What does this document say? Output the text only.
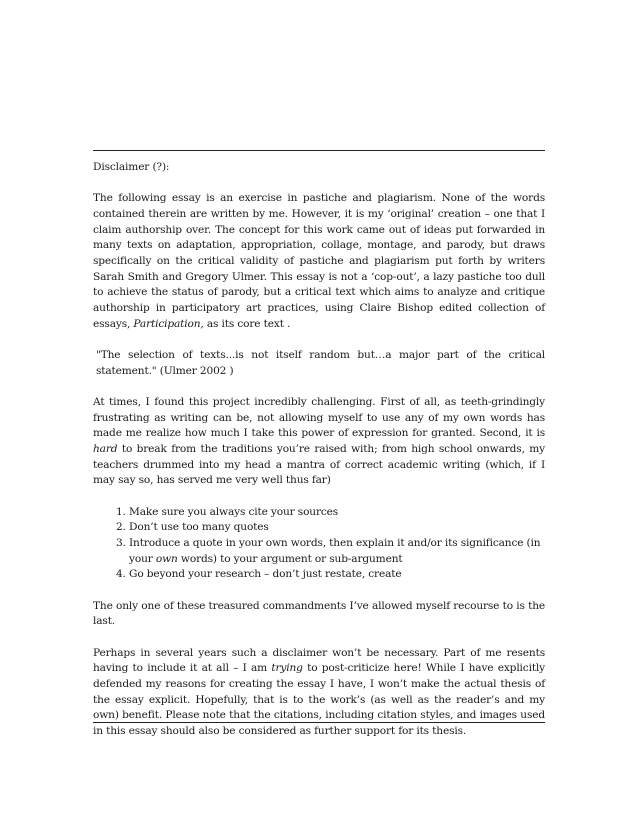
Disclaimer (?):

The following essay is an exercise in pastiche and plagiarism. None of the words contained therein are written by me. However, it is my ‘original’ creation – one that I claim authorship over. The concept for this work came out of ideas put forwarded in many texts on adaptation, appropriation, collage, montage, and parody, but draws specifically on the critical validity of pastiche and plagiarism put forth by writers Sarah Smith and Gregory Ulmer. This essay is not a ‘cop-out’, a lazy pastiche too dull to achieve the status of parody, but a critical text which aims to analyze and critique authorship in participatory art practices, using Claire Bishop edited collection of essays, Participation, as its core text .

"The selection of texts...is not itself random but…a major part of the critical statement." (Ulmer 2002 )

At times, I found this project incredibly challenging. First of all, as teeth-grindingly frustrating as writing can be, not allowing myself to use any of my own words has made me realize how much I take this power of expression for granted. Second, it is hard to break from the traditions you’re raised with; from high school onwards, my teachers drummed into my head a mantra of correct academic writing (which, if I may say so, has served me very well thus far)

1. Make sure you always cite your sources
2. Don’t use too many quotes
3. Introduce a quote in your own words, then explain it and/or its significance (in your own words) to your argument or sub-argument
4. Go beyond your research – don’t just restate, create

The only one of these treasured commandments I’ve allowed myself recourse to is the last.

Perhaps in several years such a disclaimer won’t be necessary. Part of me resents having to include it at all – I am trying to post-criticize here! While I have explicitly defended my reasons for creating the essay I have, I won’t make the actual thesis of the essay explicit. Hopefully, that is to the work’s (as well as the reader’s and my own) benefit. Please note that the citations, including citation styles, and images used in this essay should also be considered as further support for its thesis.
